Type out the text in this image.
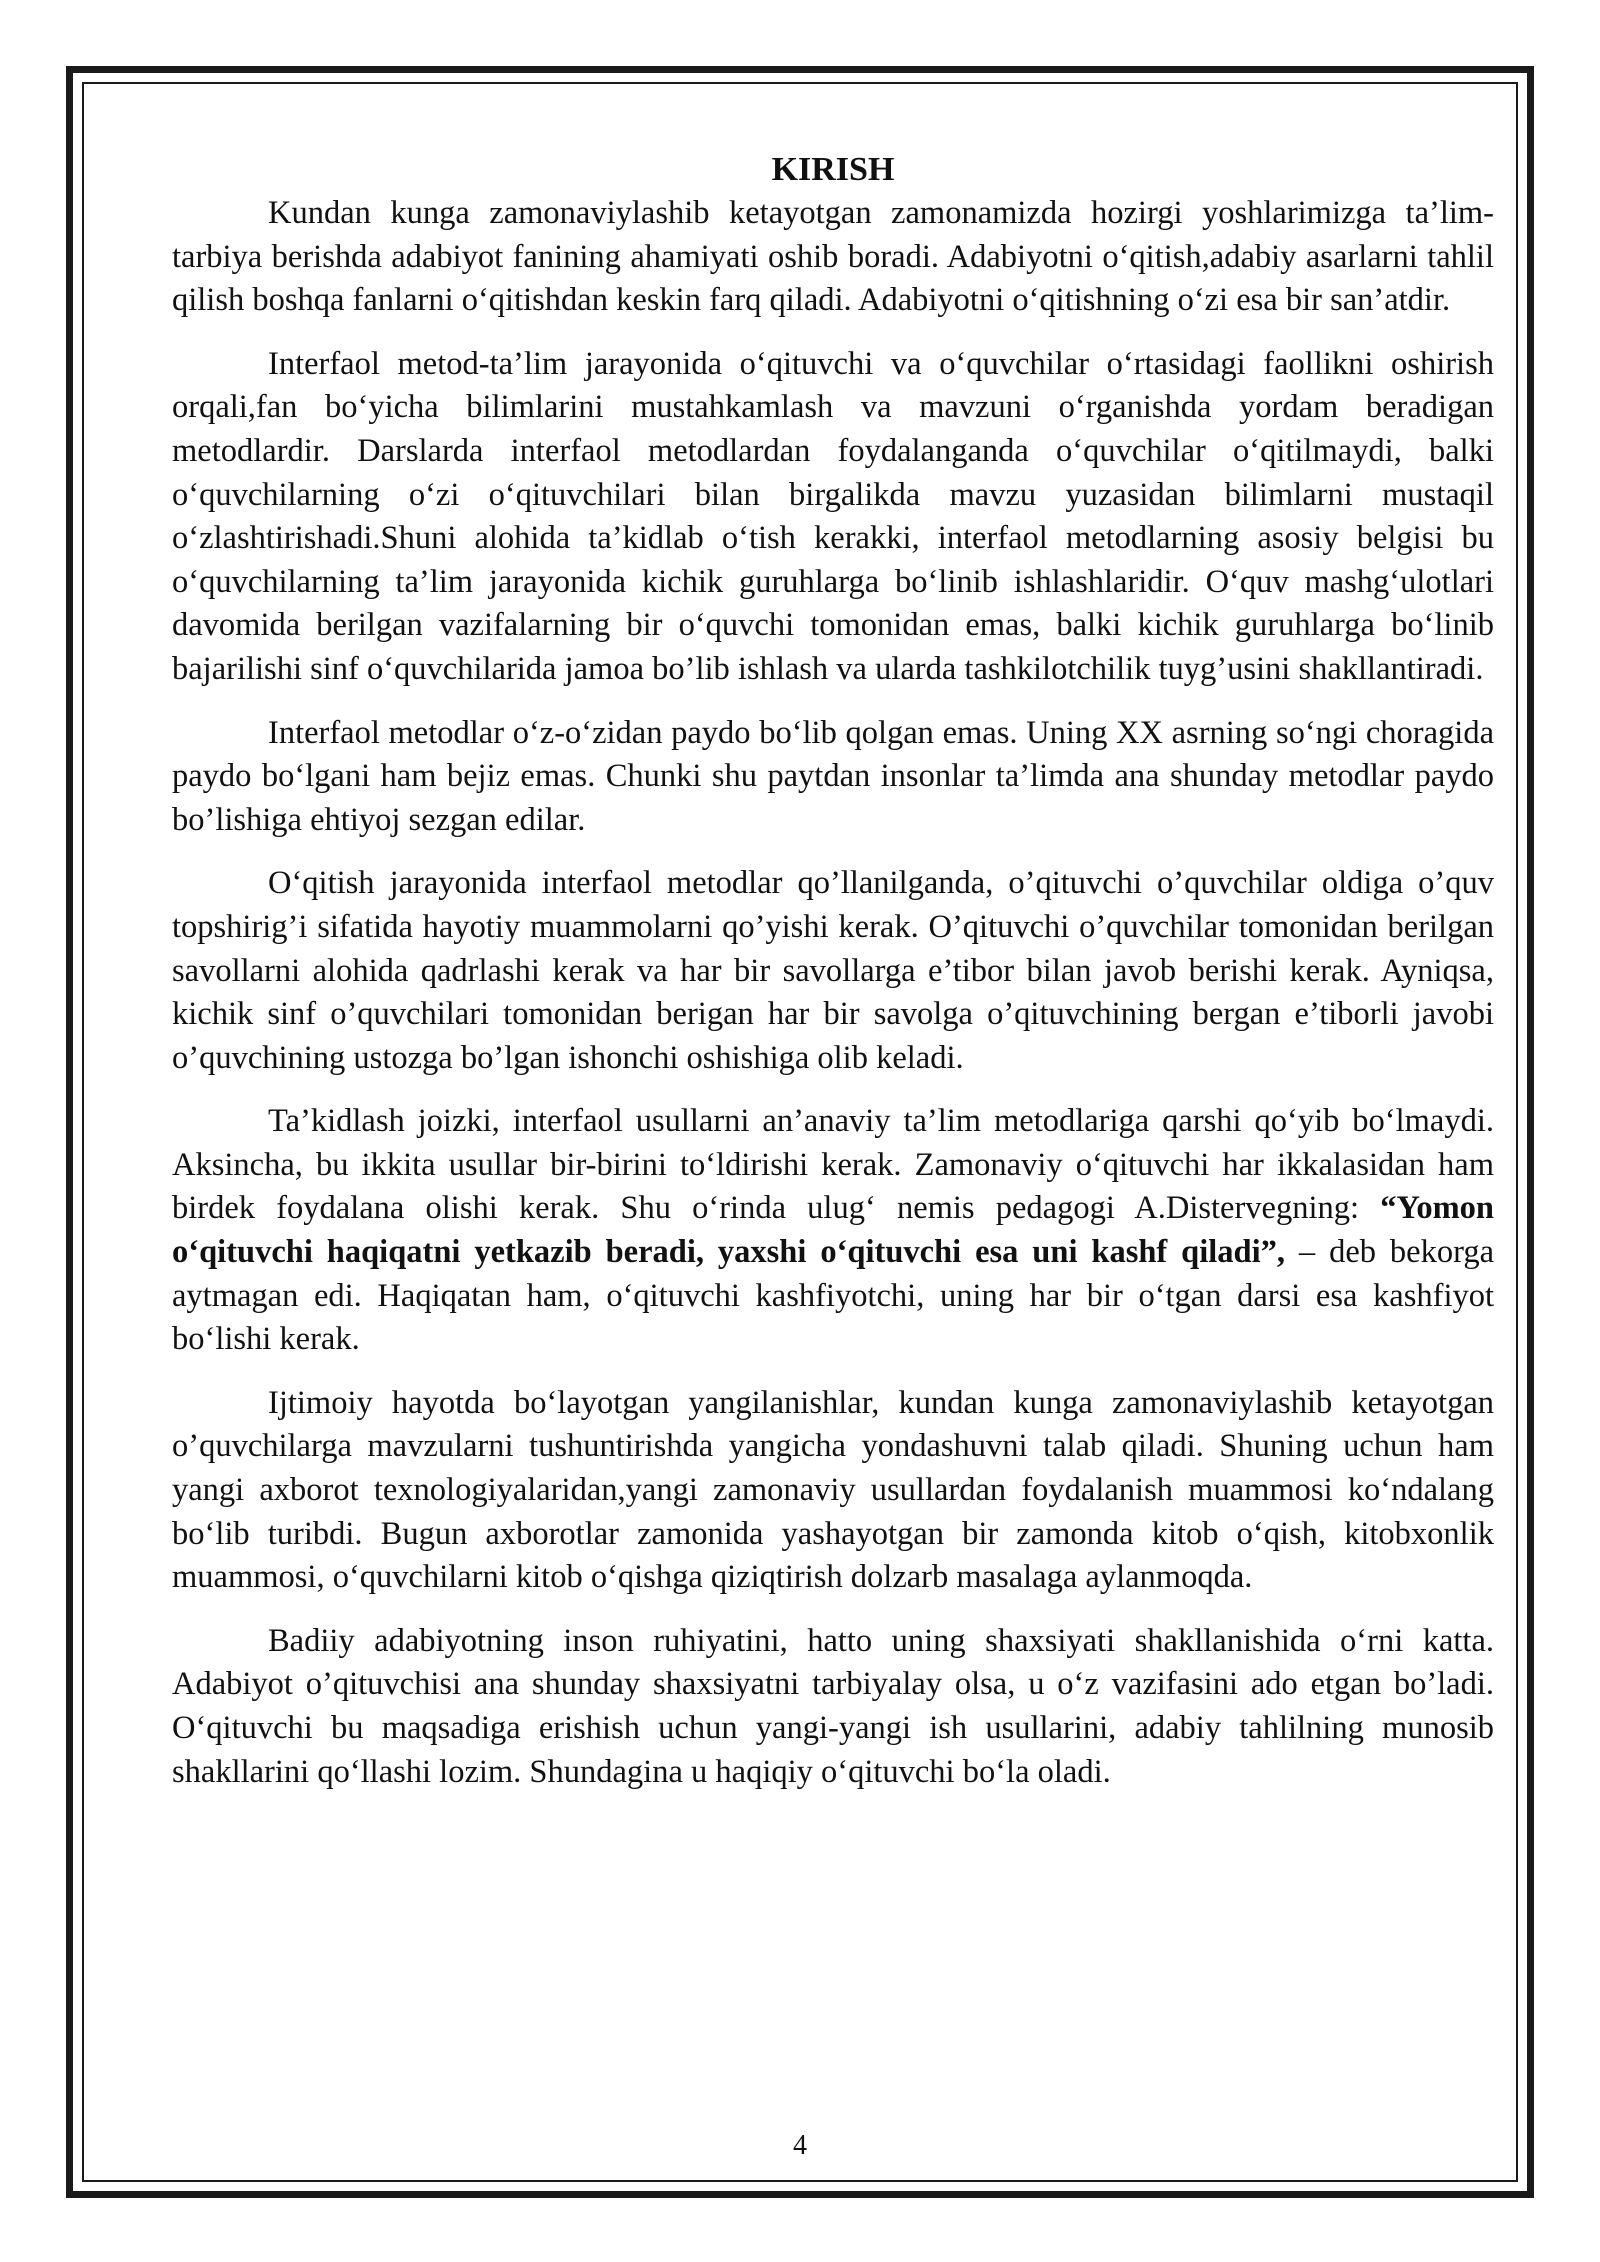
KIRISH

Kundan kunga zamonaviylashib ketayotgan zamonamizda hozirgi yoshlarimizga ta’lim-tarbiya berishda adabiyot fanining ahamiyati oshib boradi. Adabiyotni o‘qitish,adabiy asarlarni tahlil qilish boshqa fanlarni o‘qitishdan keskin farq qiladi. Adabiyotni o‘qitishning o‘zi esa bir san’atdir.

Interfaol metod-ta’lim jarayonida o‘qituvchi va o‘quvchilar o‘rtasidagi faollikni oshirish orqali,fan bo‘yicha bilimlarini mustahkamlash va mavzuni o‘rganishda yordam beradigan metodlardir. Darslarda interfaol metodlardan foydalanganda o‘quvchilar o‘qitilmaydi, balki o‘quvchilarning o‘zi o‘qituvchilari bilan birgalikda mavzu yuzasidan bilimlarni mustaqil o‘zlashtirishadi.Shuni alohida ta’kidlab o‘tish kerakki, interfaol metodlarning asosiy belgisi bu o‘quvchilarning ta’lim jarayonida kichik guruhlarga bo‘linib ishlashlaridir. O‘quv mashg‘ulotlari davomida berilgan vazifalarning bir o‘quvchi tomonidan emas, balki kichik guruhlarga bo‘linib bajarilishi sinf o‘quvchilarida jamoa bo’lib ishlash va ularda tashkilotchilik tuyg’usini shakllantiradi.

Interfaol metodlar o‘z-o‘zidan paydo bo‘lib qolgan emas. Uning XX asrning so‘ngi choragida paydo bo‘lgani ham bejiz emas. Chunki shu paytdan insonlar ta’limda ana shunday metodlar paydo bo’lishiga ehtiyoj sezgan edilar.

O‘qitish jarayonida interfaol metodlar qo’llanilganda, o’qituvchi o’quvchilar oldiga o’quv topshirig’i sifatida hayotiy muammolarni qo’yishi kerak. O’qituvchi o’quvchilar tomonidan berilgan savollarni alohida qadrlashi kerak va har bir savollarga e’tibor bilan javob berishi kerak. Ayniqsa, kichik sinf o’quvchilari tomonidan berigan har bir savolga o’qituvchining bergan e’tiborli javobi o’quvchining ustozga bo’lgan ishonchi oshishiga olib keladi.

Ta’kidlash joizki, interfaol usullarni an’anaviy ta’lim metodlariga qarshi qo‘yib bo‘lmaydi. Aksincha, bu ikkita usullar bir-birini to‘ldirishi kerak. Zamonaviy o‘qituvchi har ikkalasidan ham birdek foydalana olishi kerak. Shu o‘rinda ulug‘ nemis pedagogi A.Distervegning: “Yomon o‘qituvchi haqiqatni yetkazib beradi, yaxshi o‘qituvchi esa uni kashf qiladi”, – deb bekorga aytmagan edi. Haqiqatan ham, o‘qituvchi kashfiyotchi, uning har bir o‘tgan darsi esa kashfiyot bo‘lishi kerak.

Ijtimoiy hayotda bo‘layotgan yangilanishlar, kundan kunga zamonaviylashib ketayotgan o’quvchilarga mavzularni tushuntirishda yangicha yondashuvni talab qiladi. Shuning uchun ham yangi axborot texnologiyalaridan,yangi zamonaviy usullardan foydalanish muammosi ko‘ndalang bo‘lib turibdi. Bugun axborotlar zamonida yashayotgan bir zamonda kitob o‘qish, kitobxonlik muammosi, o‘quvchilarni kitob o‘qishga qiziqtirish dolzarb masalaga aylanmoqda.

Badiiy adabiyotning inson ruhiyatini, hatto uning shaxsiyati shakllanishida o‘rni katta. Adabiyot o’qituvchisi ana shunday shaxsiyatni tarbiyalay olsa, u o‘z vazifasini ado etgan bo’ladi. O‘qituvchi bu maqsadiga erishish uchun yangi-yangi ish usullarini, adabiy tahlilning munosib shakllarini qo‘llashi lozim. Shundagina u haqiqiy o‘qituvchi bo‘la oladi.

4
